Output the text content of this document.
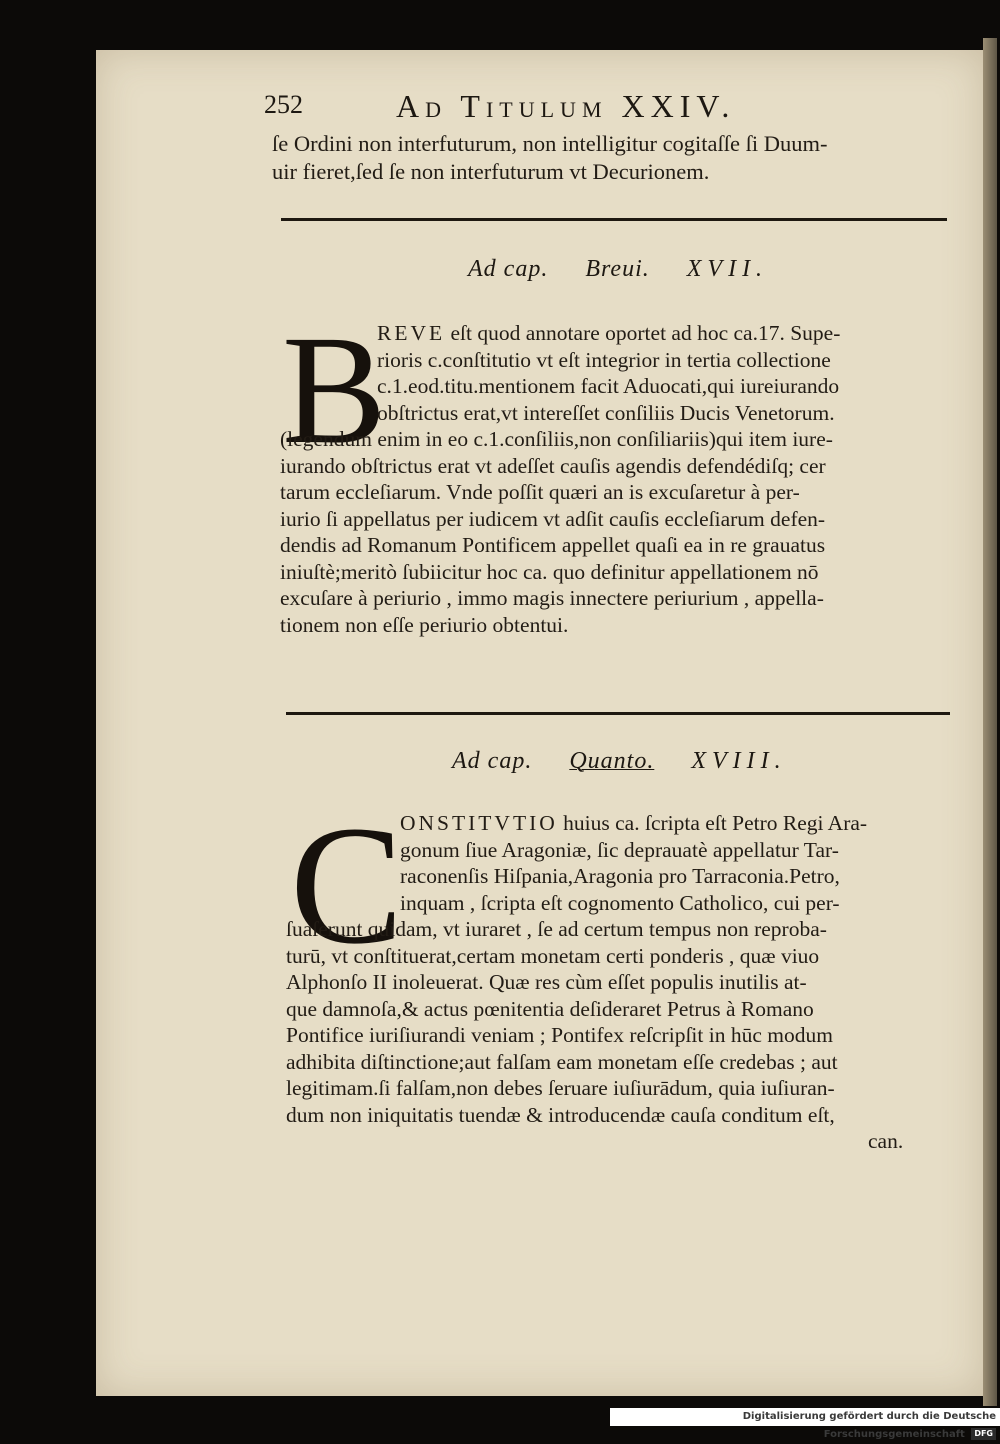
252	Ad Titulum XXIV.
ſe Ordini non interfuturum, non intelligitur cogitaſſe ſi Duum-
uir fieret,ſed ſe non interfuturum vt Decurionem.
Ad cap. Breui. XVII.
B
REVE eſt quod annotare oportet ad hoc ca.17. Supe-
rioris c.conſtitutio vt eſt integrior in tertia collectione
c.1.eod.titu.mentionem facit Aduocati,qui iureiurando
obſtrictus erat,vt intereſſet conſiliis Ducis Venetorum.
(legendum enim in eo c.1.conſiliis,non conſiliariis)qui item iure-
iurando obſtrictus erat vt adeſſet cauſis agendis defendédiſq; cer
tarum eccleſiarum. Vnde poſſit quæri an is excuſaretur à per-
iurio ſi appellatus per iudicem vt adſit cauſis eccleſiarum defen-
dendis ad Romanum Pontificem appellet quaſi ea in re grauatus
iniuſtè;meritò ſubiicitur hoc ca. quo definitur appellationem nō
excuſare à periurio , immo magis innectere periurium , appella-
tionem non eſſe periurio obtentui.
Ad cap. Quanto. XVIII.
C
ONSTITVTIO huius ca. ſcripta eſt Petro Regi Ara-
gonum ſiue Aragoniæ, ſic deprauatè appellatur Tar-
raconenſis Hiſpania,Aragonia pro Tarraconia.Petro,
inquam , ſcripta eſt cognomento Catholico, cui per-
ſuaſerunt quidam, vt iuraret , ſe ad certum tempus non reproba-
turū, vt conſtituerat,certam monetam certi ponderis , quæ viuo
Alphonſo II inoleuerat. Quæ res cùm eſſet populis inutilis at-
que damnoſa,& actus pœnitentia deſideraret Petrus à Romano
Pontifice iuriſiurandi veniam ; Pontifex reſcripſit in hūc modum
adhibita diſtinctione;aut falſam eam monetam eſſe credebas ; aut
legitimam.ſi falſam,non debes ſeruare iuſiurādum, quia iuſiuran-
dum non iniquitatis tuendæ & introducendæ cauſa conditum eſt,
can.
Digitalisierung gefördert durch die Deutsche Forschungsgemeinschaft DFG
